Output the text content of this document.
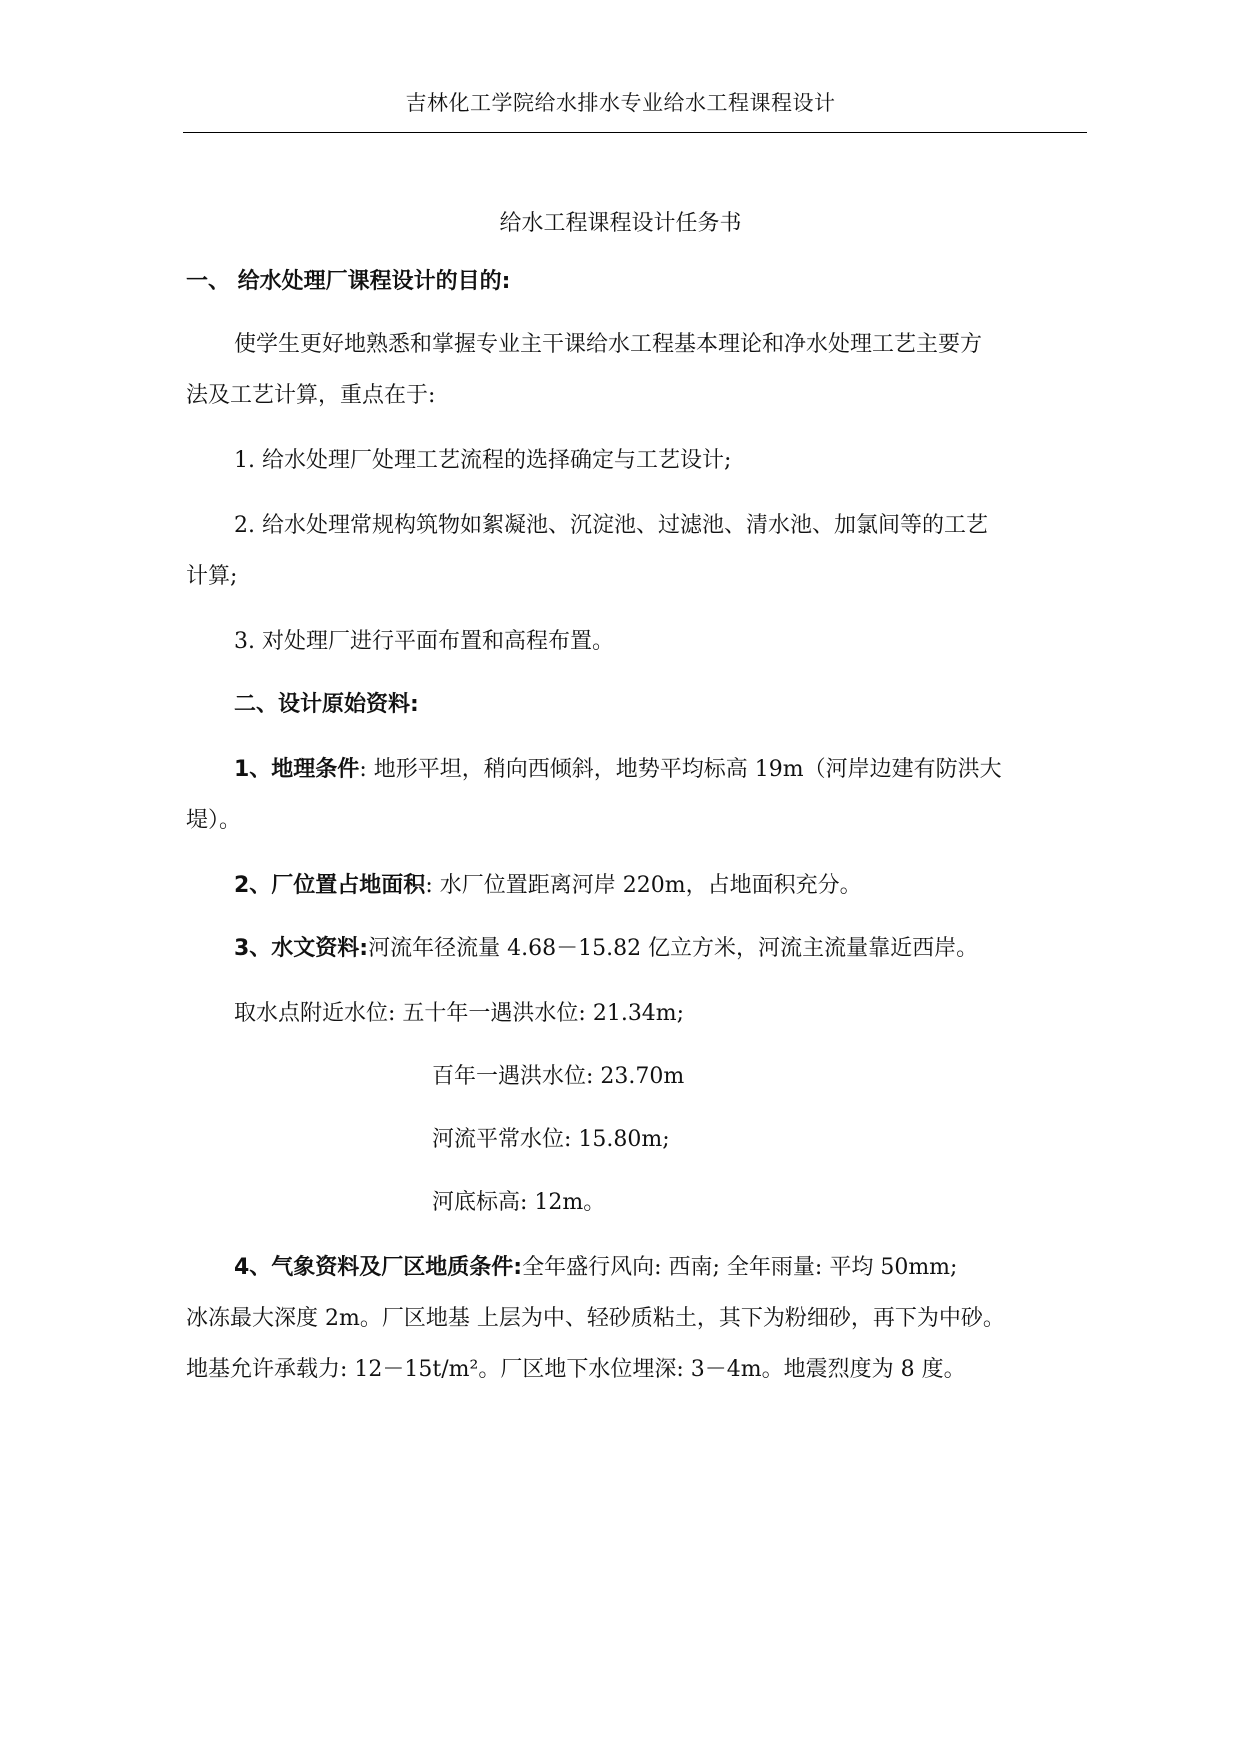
吉林化工学院给水排水专业给水工程课程设计
给水工程课程设计任务书
一、 给水处理厂课程设计的目的:
使学生更好地熟悉和掌握专业主干课给水工程基本理论和净水处理工艺主要方
法及工艺计算，重点在于:
1. 给水处理厂处理工艺流程的选择确定与工艺设计;
2. 给水处理常规构筑物如絮凝池、沉淀池、过滤池、清水池、加氯间等的工艺
计算;
3. 对处理厂进行平面布置和高程布置。
二、设计原始资料:
1、地理条件: 地形平坦，稍向西倾斜，地势平均标高 19m（河岸边建有防洪大
堤）。
2、厂位置占地面积: 水厂位置距离河岸 220m，占地面积充分。
3、水文资料:河流年径流量 4.68－15.82 亿立方米，河流主流量靠近西岸。
取水点附近水位: 五十年一遇洪水位: 21.34m;
百年一遇洪水位: 23.70m
河流平常水位: 15.80m;
河底标高: 12m。
4、气象资料及厂区地质条件:全年盛行风向: 西南; 全年雨量: 平均 50mm;
冰冻最大深度 2m。厂区地基 上层为中、轻砂质粘土，其下为粉细砂，再下为中砂。
地基允许承载力: 12－15t/m²。厂区地下水位埋深: 3－4m。地震烈度为 8 度。
